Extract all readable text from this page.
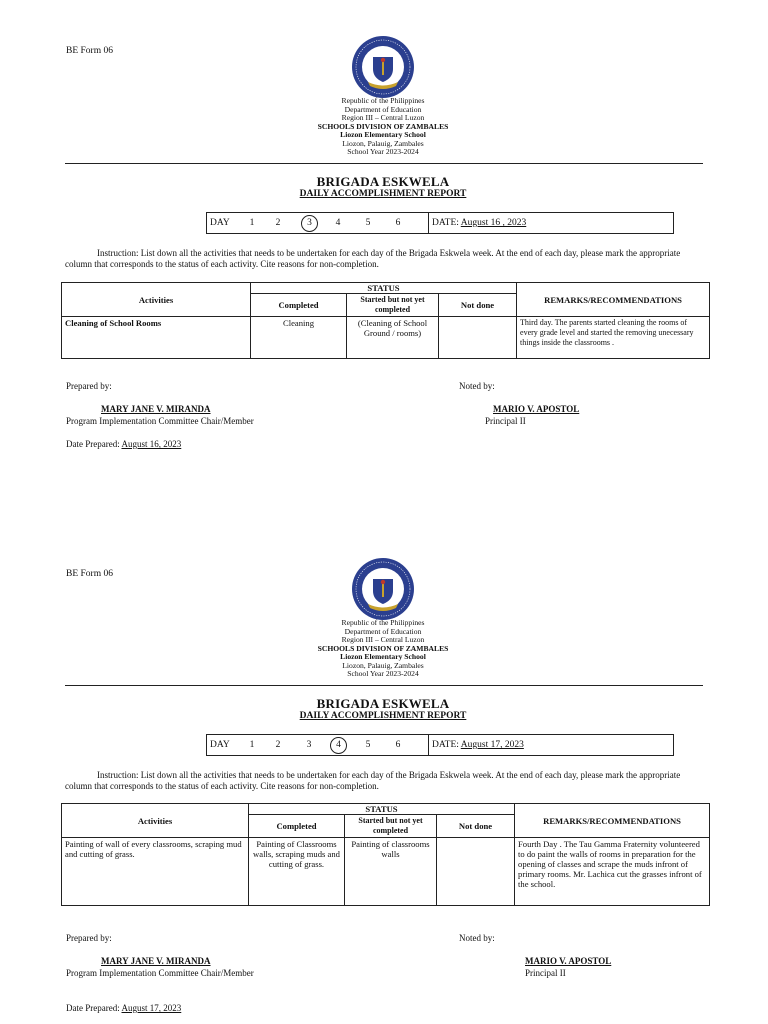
BE Form 06
Republic of the Philippines
Department of Education
Region III – Central Luzon
SCHOOLS DIVISION OF ZAMBALES
Liozon Elementary School
Liozon, Palauig, Zambales
School Year 2023-2024
BRIGADA ESKWELA
DAILY ACCOMPLISHMENT REPORT
DAY 1 2	3	4	5	6	DATE: August 16 , 2023
Instruction: List down all the activities that needs to be undertaken for each day of the Brigada Eskwela week. At the end of each day, please mark the appropriate column that corresponds to the status of each activity. Cite reasons for non-completion.
Activities	STATUS			REMARKS/RECOMMENDATIONS
	Completed	Started but not yet completed	Not done	
Cleaning of School Rooms	Cleaning	(Cleaning of School Ground / rooms)		Third day. The parents started cleaning the rooms of every grade level and started the removing unecessary things inside the classrooms .
Prepared by:	Noted by:
MARY JANE V. MIRANDA
Program Implementation Committee Chair/Member
MARIO V. APOSTOL
Principal II
Date Prepared: August 16, 2023
BE Form 06
Republic of the Philippines
Department of Education
Region III – Central Luzon
SCHOOLS DIVISION OF ZAMBALES
Liozon Elementary School
Liozon, Palauig, Zambales
School Year 2023-2024
BRIGADA ESKWELA
DAILY ACCOMPLISHMENT REPORT
DAY 1 2	3	4	5	6	DATE: August 17, 2023
Instruction: List down all the activities that needs to be undertaken for each day of the Brigada Eskwela week. At the end of each day, please mark the appropriate column that corresponds to the status of each activity. Cite reasons for non-completion.
Activities	STATUS			REMARKS/RECOMMENDATIONS
	Completed	Started but not yet completed	Not done	
Painting of wall of every classrooms, scraping mud and cutting of grass.	Painting of Classrooms walls, scraping muds and cutting of grass.	Painting of classrooms walls		Fourth Day . The Tau Gamma Fraternity volunteered to do paint the walls of rooms in preparation for the opening of classes and scrape the muds infront of primary rooms. Mr. Lachica cut the grasses infront of the school.
Prepared by:	Noted by:
MARY JANE V. MIRANDA
Program Implementation Committee Chair/Member
MARIO V. APOSTOL
Principal II
Date Prepared: August 17, 2023
